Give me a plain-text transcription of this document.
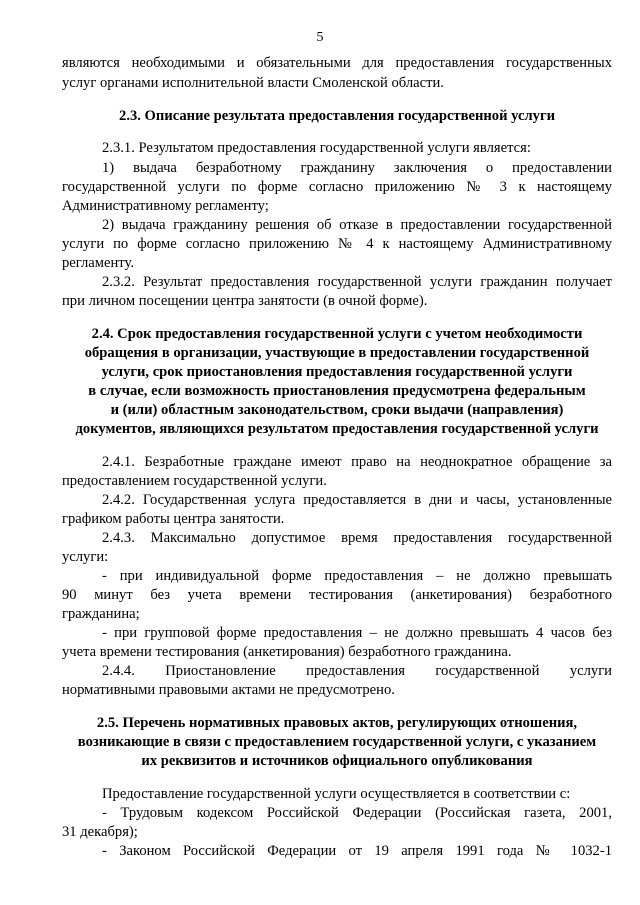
5
являются необходимыми и обязательными для предоставления государственных
услуг органами исполнительной власти Смоленской области.
2.3. Описание результата предоставления государственной услуги
2.3.1. Результатом предоставления государственной услуги является:
1) выдача безработному гражданину заключения о предоставлении
государственной услуги по форме согласно приложению № 3 к настоящему
Административному регламенту;
2) выдача гражданину решения об отказе в предоставлении государственной
услуги по форме согласно приложению № 4 к настоящему Административному
регламенту.
2.3.2. Результат предоставления государственной услуги гражданин получает
при личном посещении центра занятости (в очной форме).
2.4. Срок предоставления государственной услуги с учетом необходимости
обращения в организации, участвующие в предоставлении государственной
услуги, срок приостановления предоставления государственной услуги
в случае, если возможность приостановления предусмотрена федеральным
и (или) областным законодательством, сроки выдачи (направления)
документов, являющихся результатом предоставления государственной услуги
2.4.1. Безработные граждане имеют право на неоднократное обращение за
предоставлением государственной услуги.
2.4.2. Государственная услуга предоставляется в дни и часы, установленные
графиком работы центра занятости.
2.4.3. Максимально допустимое время предоставления государственной
услуги:
- при индивидуальной форме предоставления – не должно превышать
90 минут без учета времени тестирования (анкетирования) безработного
гражданина;
- при групповой форме предоставления – не должно превышать 4 часов без
учета времени тестирования (анкетирования) безработного гражданина.
2.4.4. Приостановление предоставления государственной услуги
нормативными правовыми актами не предусмотрено.
2.5. Перечень нормативных правовых актов, регулирующих отношения,
возникающие в связи с предоставлением государственной услуги, с указанием
их реквизитов и источников официального опубликования
Предоставление государственной услуги осуществляется в соответствии с:
- Трудовым кодексом Российской Федерации (Российская газета, 2001,
31 декабря);
- Законом Российской Федерации от 19 апреля 1991 года № 1032-1
